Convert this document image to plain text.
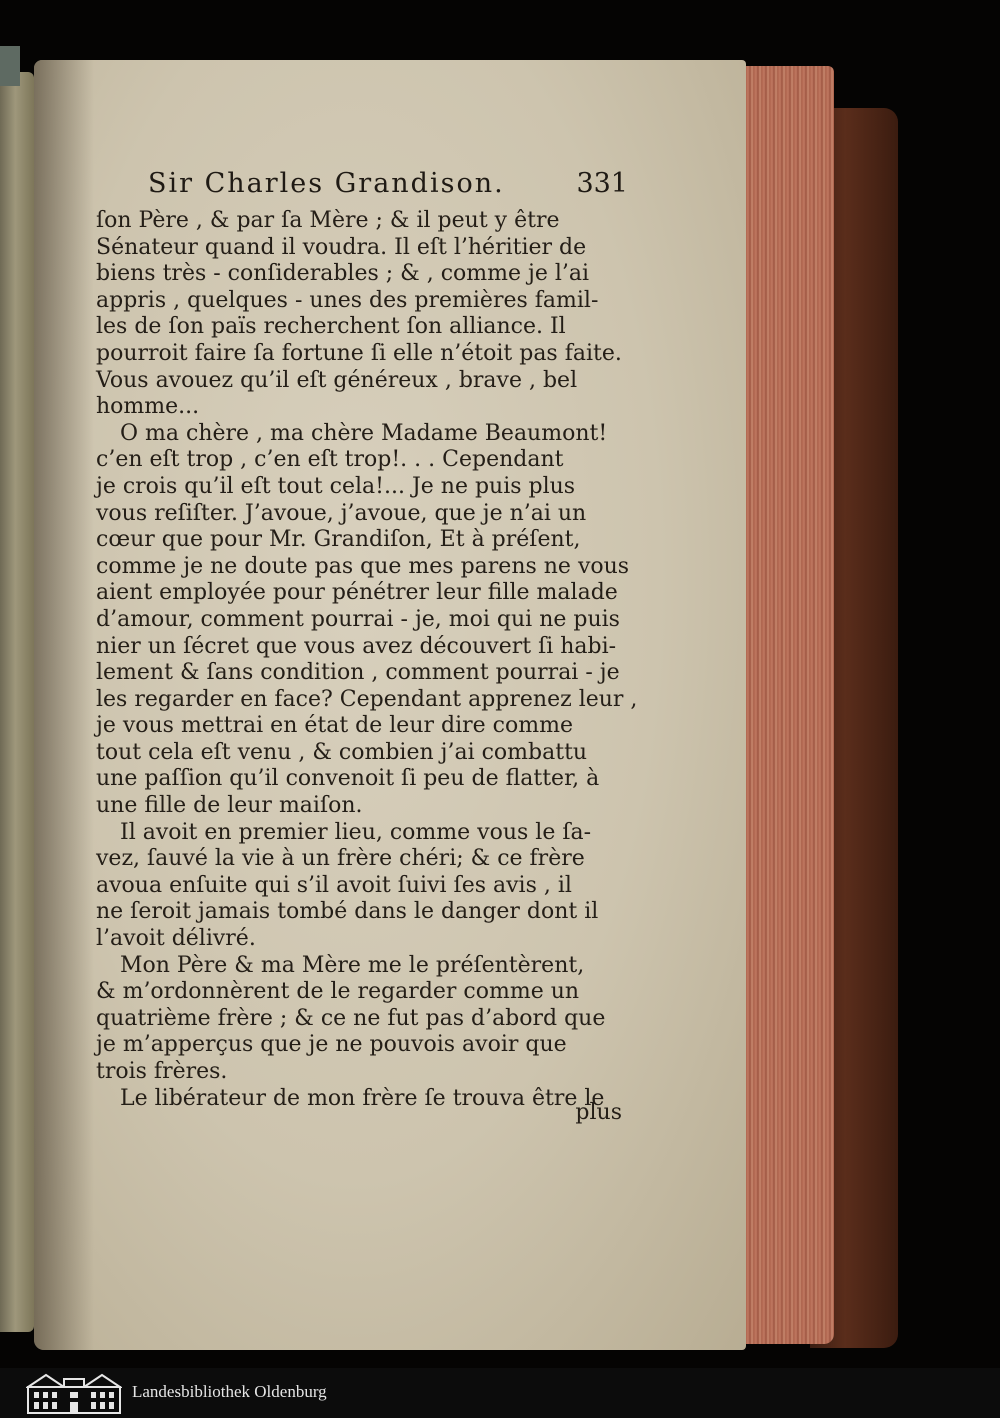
Sir Charles Grandison.	331
ſon Père , & par ſa Mère ; & il peut y être
Sénateur quand il voudra. Il eſt l’héritier de
biens très - conſiderables ; & , comme je l’ai
appris , quelques - unes des premières famil-
les de ſon païs recherchent ſon alliance. Il
pourroit faire ſa fortune ſi elle n’étoit pas faite.
Vous avouez qu’il eſt généreux , brave , bel
homme...
O ma chère , ma chère Madame Beaumont!
c’en eſt trop , c’en eſt trop!. . . Cependant
je crois qu’il eſt tout cela!... Je ne puis plus
vous reſiſter. J’avoue, j’avoue, que je n’ai un
cœur que pour Mr. Grandiſon, Et à préſent,
comme je ne doute pas que mes parens ne vous
aient employée pour pénétrer leur fille malade
d’amour, comment pourrai - je, moi qui ne puis
nier un ſécret que vous avez découvert ſi habi-
lement & ſans condition , comment pourrai - je
les regarder en face? Cependant apprenez leur ,
je vous mettrai en état de leur dire comme
tout cela eſt venu , & combien j’ai combattu
une paſſion qu’il convenoit ſi peu de flatter, à
une fille de leur maiſon.
Il avoit en premier lieu, comme vous le ſa-
vez, ſauvé la vie à un frère chéri; & ce frère
avoua enſuite qui s’il avoit ſuivi ſes avis , il
ne ſeroit jamais tombé dans le danger dont il
l’avoit délivré.
Mon Père & ma Mère me le préſentèrent,
& m’ordonnèrent de le regarder comme un
quatrième frère ; & ce ne fut pas d’abord que
je m’apperçus que je ne pouvois avoir que
trois frères.
Le libérateur de mon frère ſe trouva être le
plus
Landesbibliothek Oldenburg
